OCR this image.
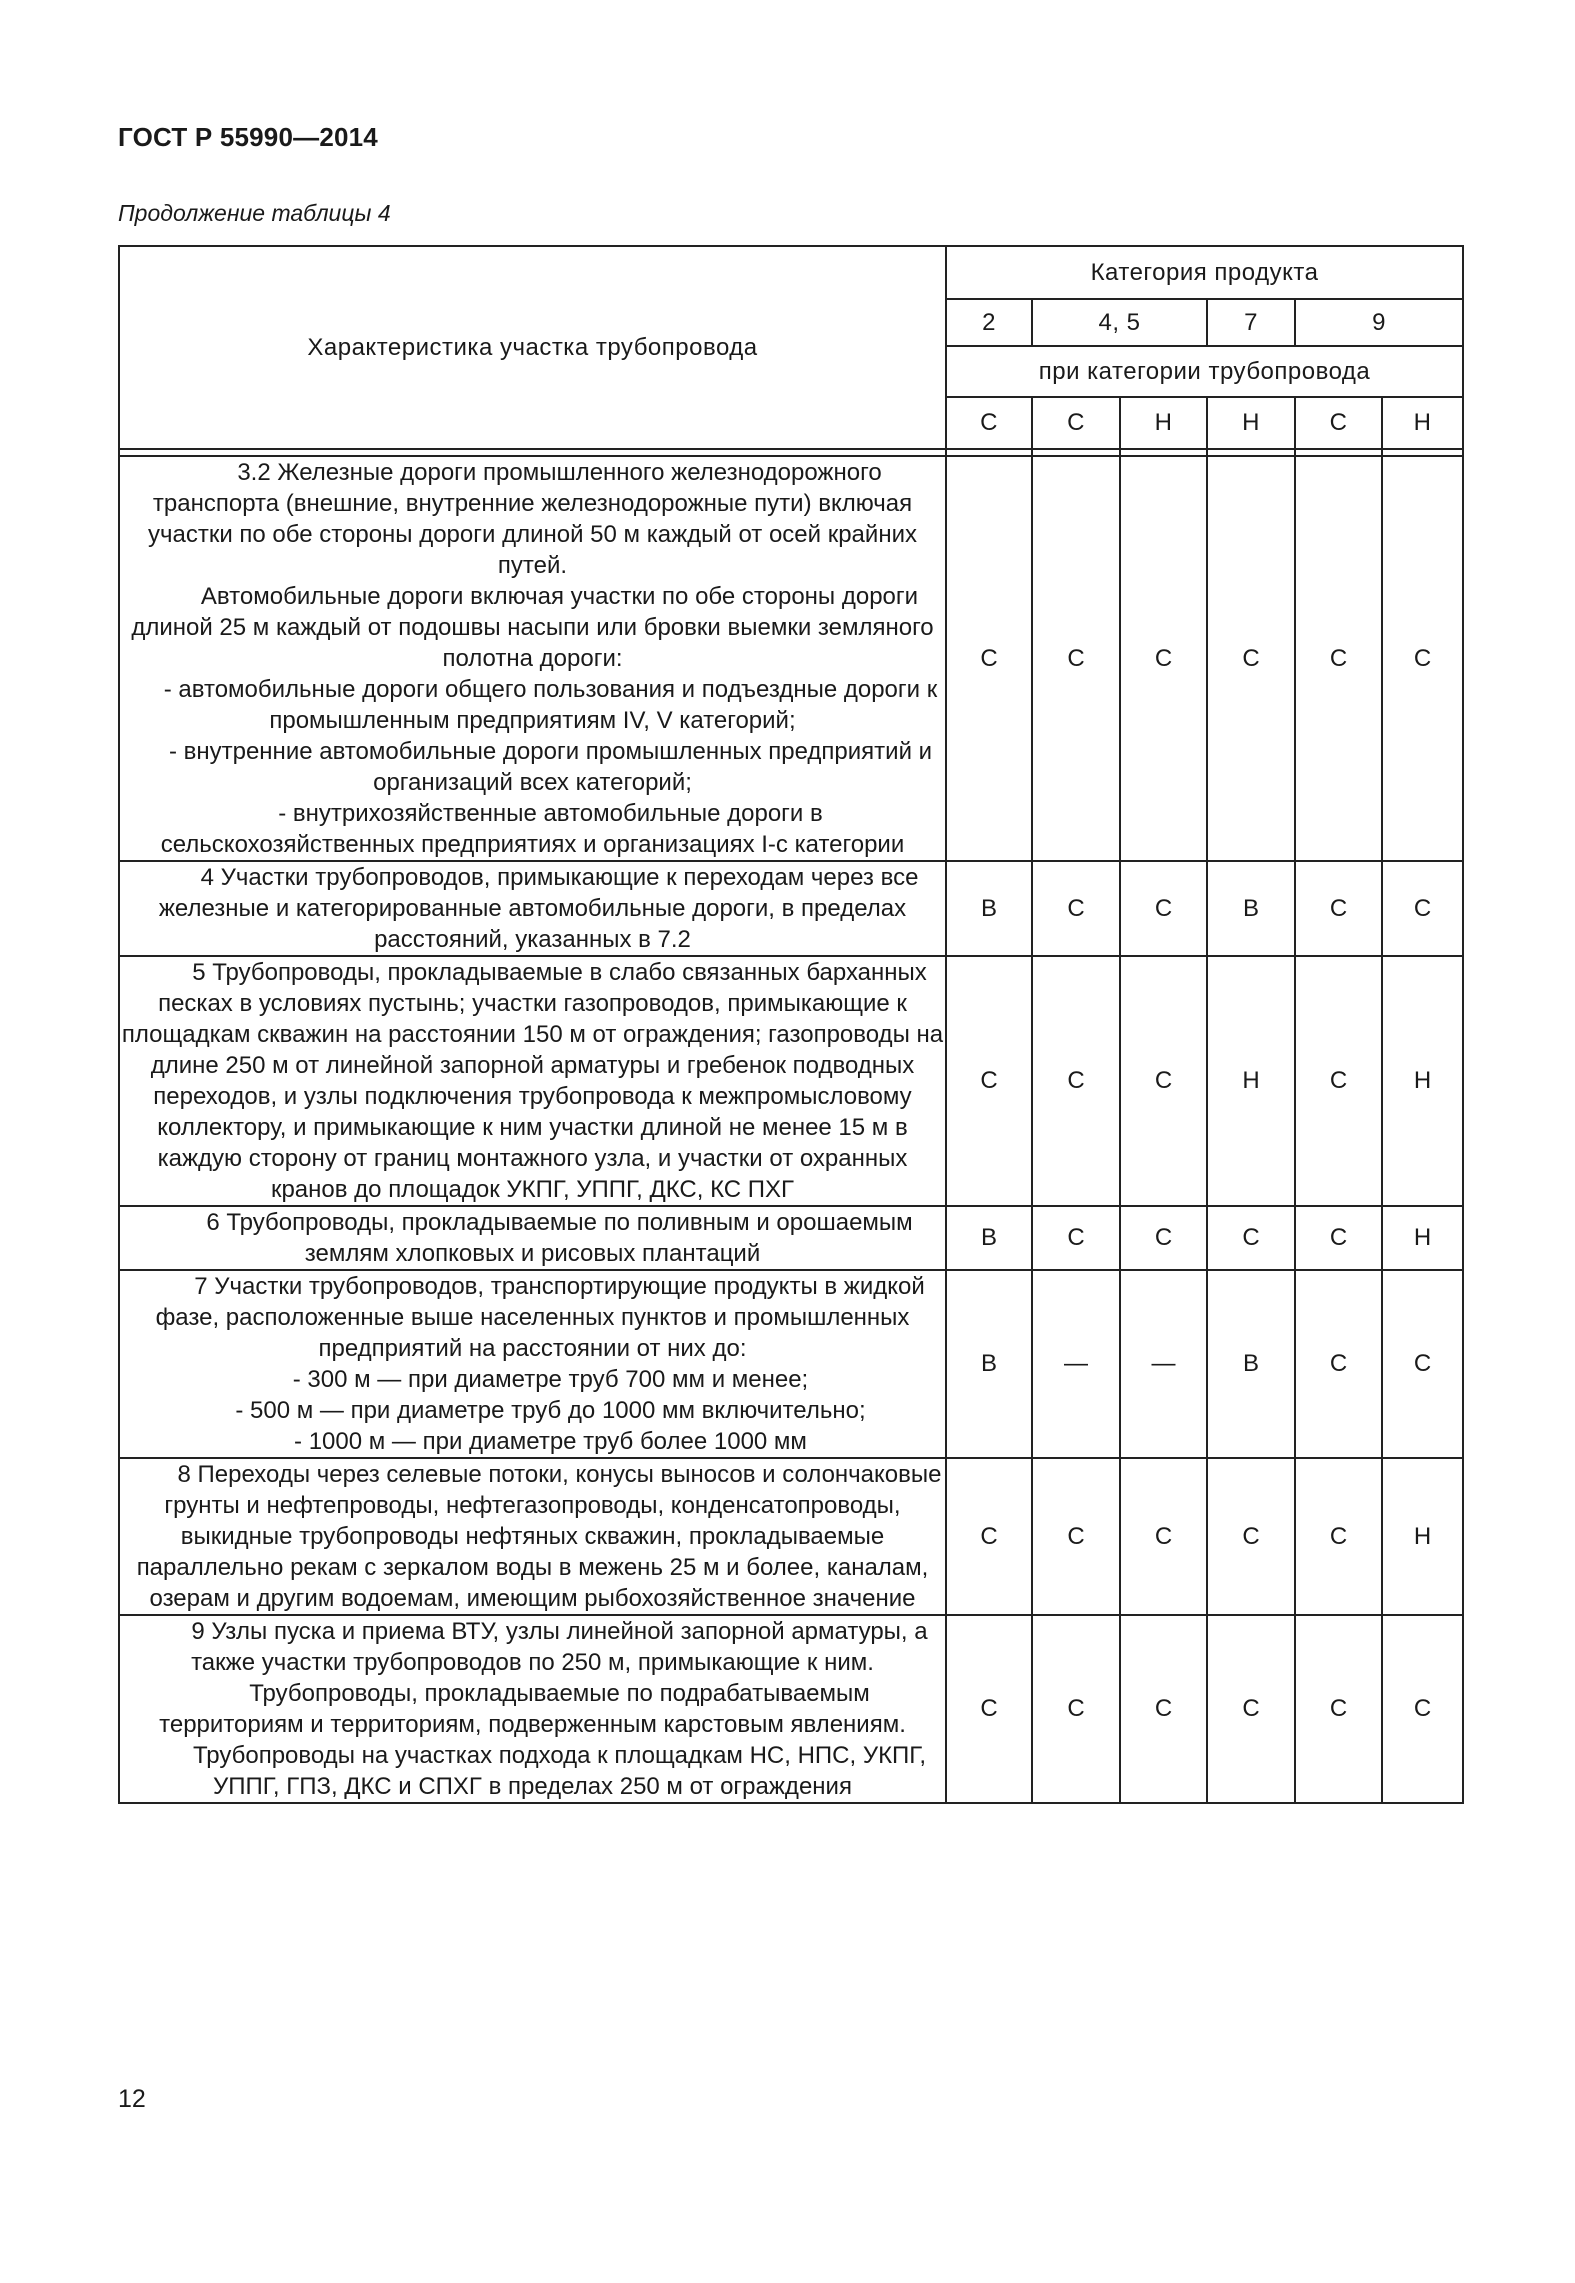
ГОСТ Р 55990—2014
Продолжение таблицы 4
Характеристика участка трубопровода	Категория продукта					
	2	4, 5		7	9	
	при категории трубопровода					
	С	С	Н	Н	С	Н

3.2 Железные дороги промышленного железнодорожного транспорта (внешние, внутренние железнодорожные пути) включая участки по обе стороны дороги длиной 50 м каждый от осей крайних путей.

Автомобильные дороги включая участки по обе стороны дороги длиной 25 м каждый от подошвы насыпи или бровки выемки земляного полотна дороги:

- автомобильные дороги общего пользования и подъездные дороги к промышленным предприятиям IV, V категорий;

- внутренние автомобильные дороги промышленных предприятий и организаций всех категорий;

- внутрихозяйственные автомобильные дороги в сельскохозяйственных предприятиях и организациях I-c категории	С	С	С	С	С	С

4 Участки трубопроводов, примыкающие к переходам через все железные и категорированные автомобильные дороги, в пределах расстояний, указанных в 7.2	В	С	С	В	С	С

5 Трубопроводы, прокладываемые в слабо связанных барханных песках в условиях пустынь; участки газопроводов, примыкающие к площадкам скважин на расстоянии 150 м от ограждения; газопроводы на длине 250 м от линейной запорной арматуры и гребенок подводных переходов, и узлы подключения трубопровода к межпромысловому коллектору, и примыкающие к ним участки длиной не менее 15 м в каждую сторону от границ монтажного узла, и участки от охранных кранов до площадок УКПГ, УППГ, ДКС, КС ПХГ	С	С	С	Н	С	Н

6 Трубопроводы, прокладываемые по поливным и орошаемым землям хлопковых и рисовых плантаций	В	С	С	С	С	Н

7 Участки трубопроводов, транспортирующие продукты в жидкой фазе, расположенные выше населенных пунктов и промышленных предприятий на расстоянии от них до:

- 300 м — при диаметре труб 700 мм и менее;

- 500 м — при диаметре труб до 1000 мм включительно;

- 1000 м — при диаметре труб более 1000 мм	В	—	—	В	С	С

8 Переходы через селевые потоки, конусы выносов и солончаковые грунты и нефтепроводы, нефтегазопроводы, конденсатопроводы, выкидные трубопроводы нефтяных скважин, прокладываемые параллельно рекам с зеркалом воды в межень 25 м и более, каналам, озерам и другим водоемам, имеющим рыбохозяйственное значение	С	С	С	С	С	Н

9 Узлы пуска и приема ВТУ, узлы линейной запорной арматуры, а также участки трубопроводов по 250 м, примыкающие к ним.

Трубопроводы, прокладываемые по подрабатываемым территориям и территориям, подверженным карстовым явлениям.

Трубопроводы на участках подхода к площадкам НС, НПС, УКПГ, УППГ, ГПЗ, ДКС и СПХГ в пределах 250 м от ограждения	С	С	С	С	С	С
12
